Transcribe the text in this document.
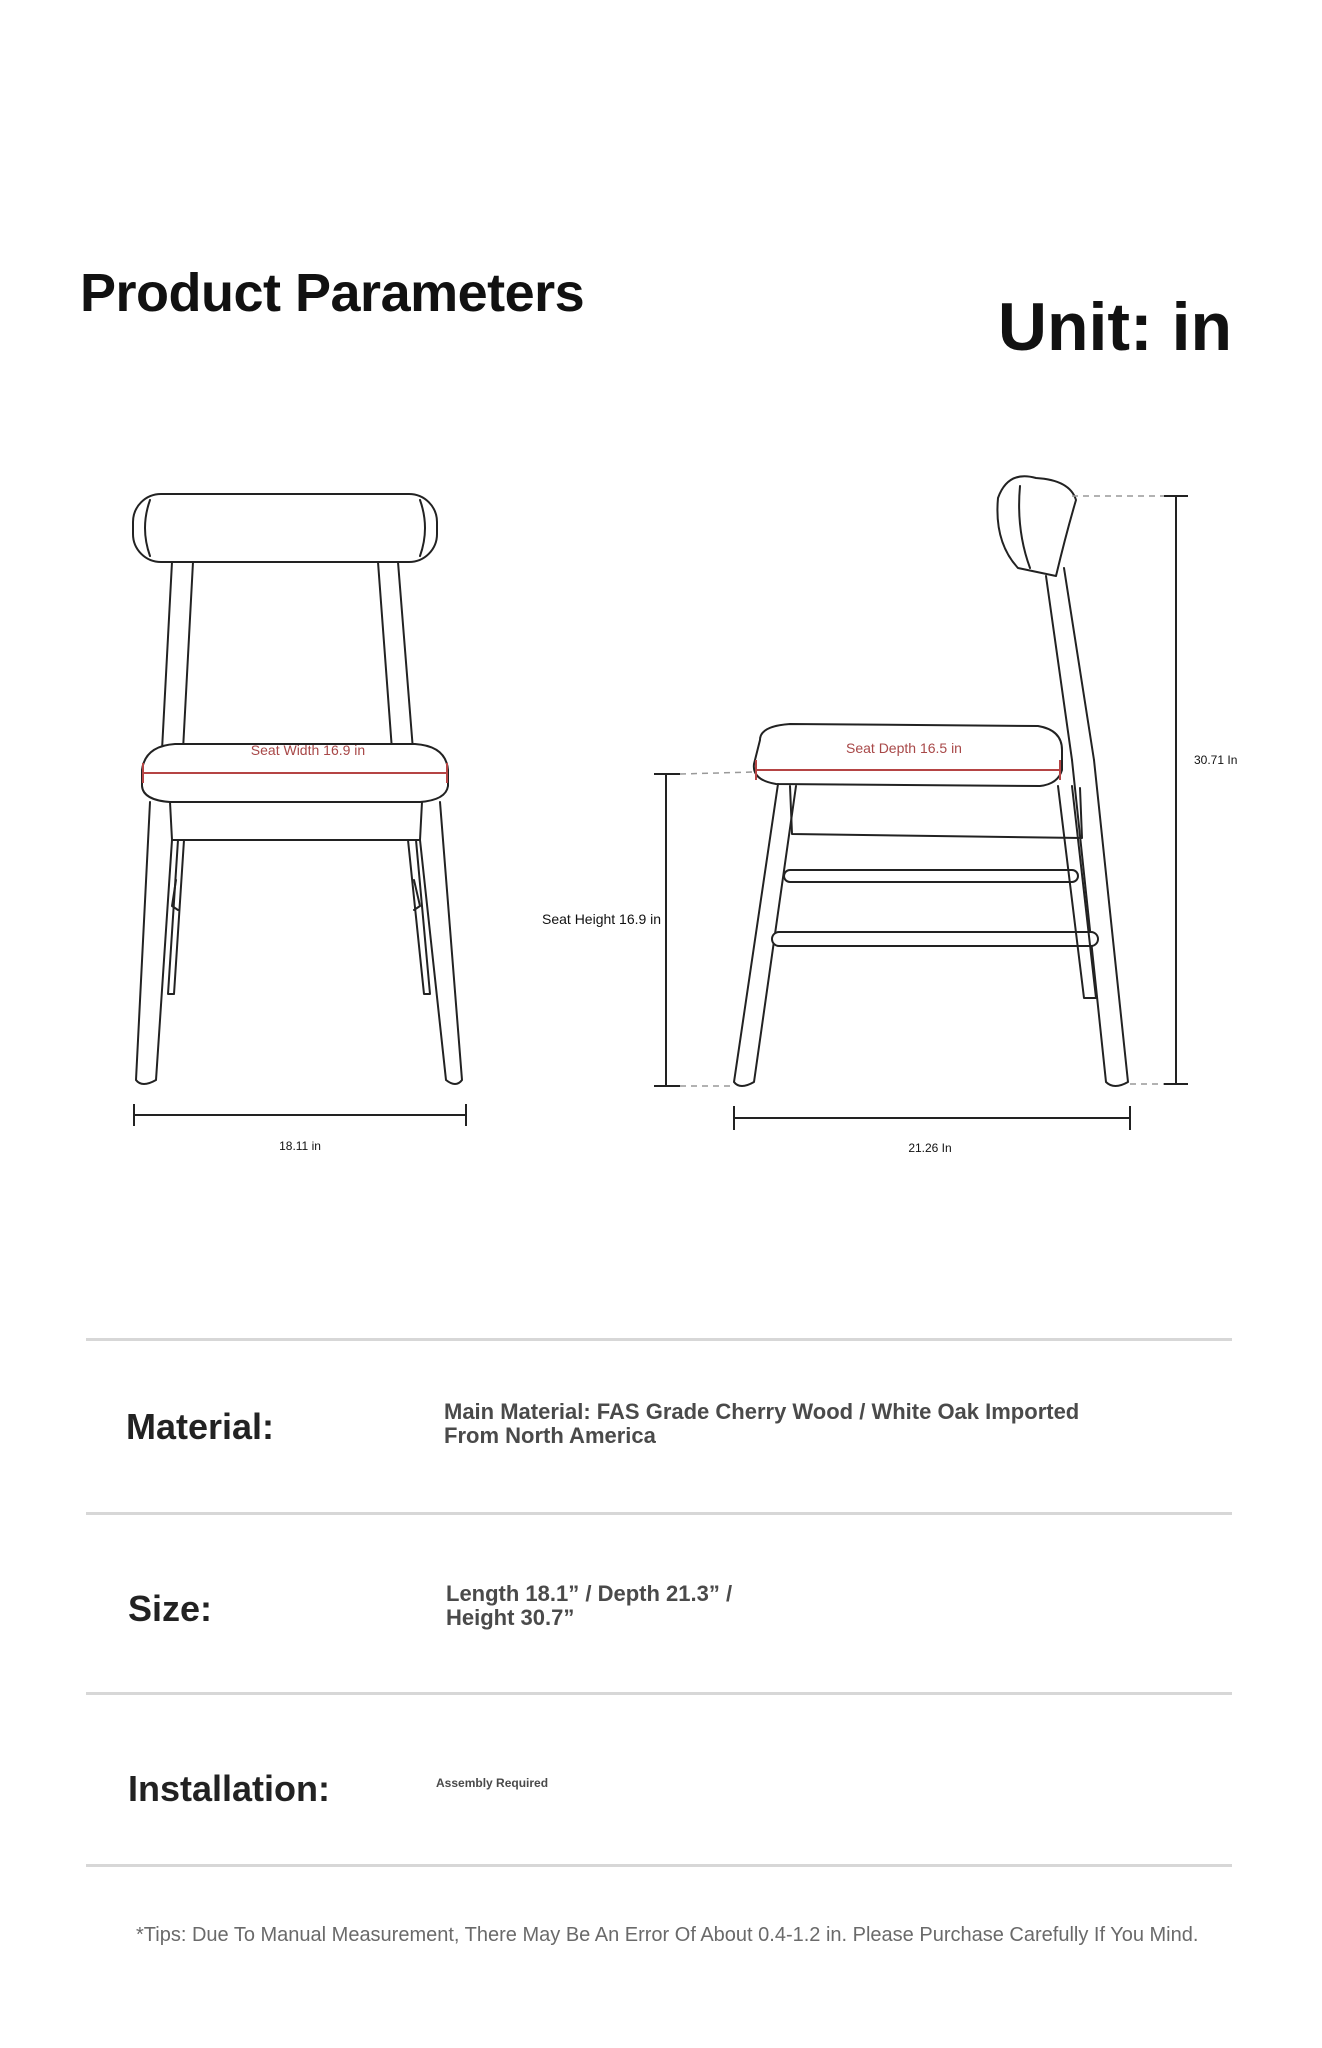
Product Parameters	Unit: in
Seat Width 16.9 in
18.11 in
Seat Depth 16.5 in
Seat Height 16.9 in
30.71 In
21.26 In
Material:	Main Material: FAS Grade Cherry Wood / White Oak Imported From North America
Size:	Length 18.1” / Depth 21.3” / Height 30.7”
Installation:	Assembly Required
*Tips: Due To Manual Measurement, There May Be An Error Of About 0.4-1.2 in. Please Purchase Carefully If You Mind.
